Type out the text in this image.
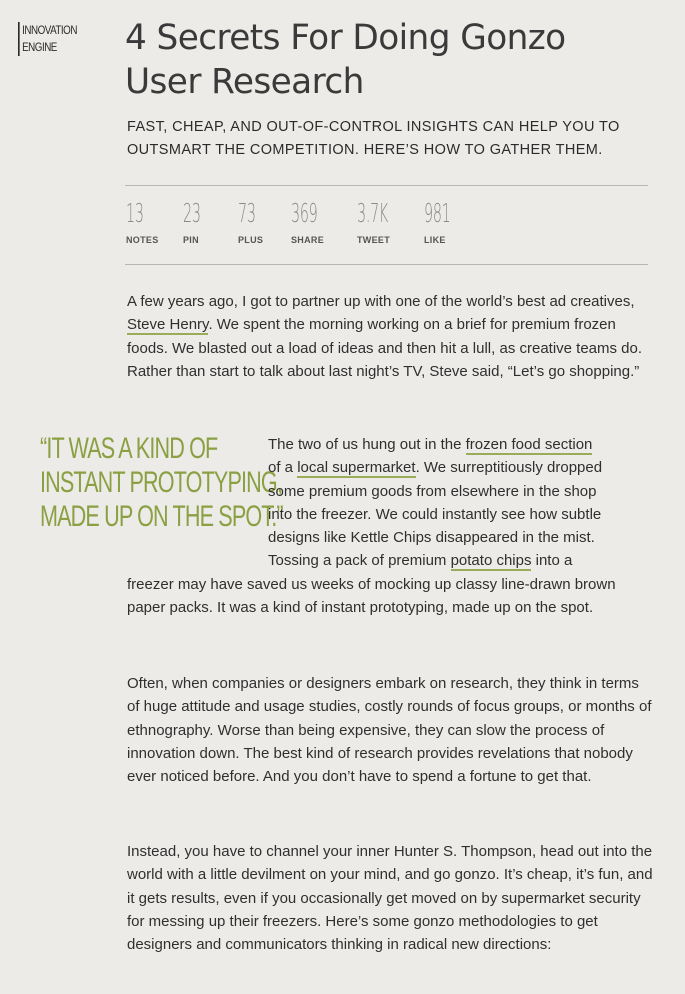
INNOVATION
ENGINE	4 Secrets For Doing Gonzo
User Research

FAST, CHEAP, AND OUT-OF-CONTROL INSIGHTS CAN HELP YOU TO
OUTSMART THE COMPETITION. HERE’S HOW TO GATHER THEM.

13
NOTES
23
PIN
73
PLUS
369
SHARE
3.7K
TWEET
981
LIKE

A few years ago, I got to partner up with one of the world’s best ad creatives, Steve Henry. We spent the morning working on a brief for premium frozen foods. We blasted out a load of ideas and then hit a lull, as creative teams do. Rather than start to talk about last night’s TV, Steve said, “Let’s go shopping.”

“IT WAS A KIND OF
INSTANT PROTOTYPING,
MADE UP ON THE SPOT.”
The two of us hung out in the frozen food section
of a local supermarket. We surreptitiously dropped
some premium goods from elsewhere in the shop
into the freezer. We could instantly see how subtle
designs like Kettle Chips disappeared in the mist.
Tossing a pack of premium potato chips into a

freezer may have saved us weeks of mocking up classy line-drawn brown paper packs. It was a kind of instant prototyping, made up on the spot.

Often, when companies or designers embark on research, they think in terms of huge attitude and usage studies, costly rounds of focus groups, or months of ethnography. Worse than being expensive, they can slow the process of innovation down. The best kind of research provides revelations that nobody ever noticed before. And you don’t have to spend a fortune to get that.

Instead, you have to channel your inner Hunter S. Thompson, head out into the world with a little devilment on your mind, and go gonzo. It’s cheap, it’s fun, and it gets results, even if you occasionally get moved on by supermarket security for messing up their freezers. Here’s some gonzo methodologies to get designers and communicators thinking in radical new directions:
